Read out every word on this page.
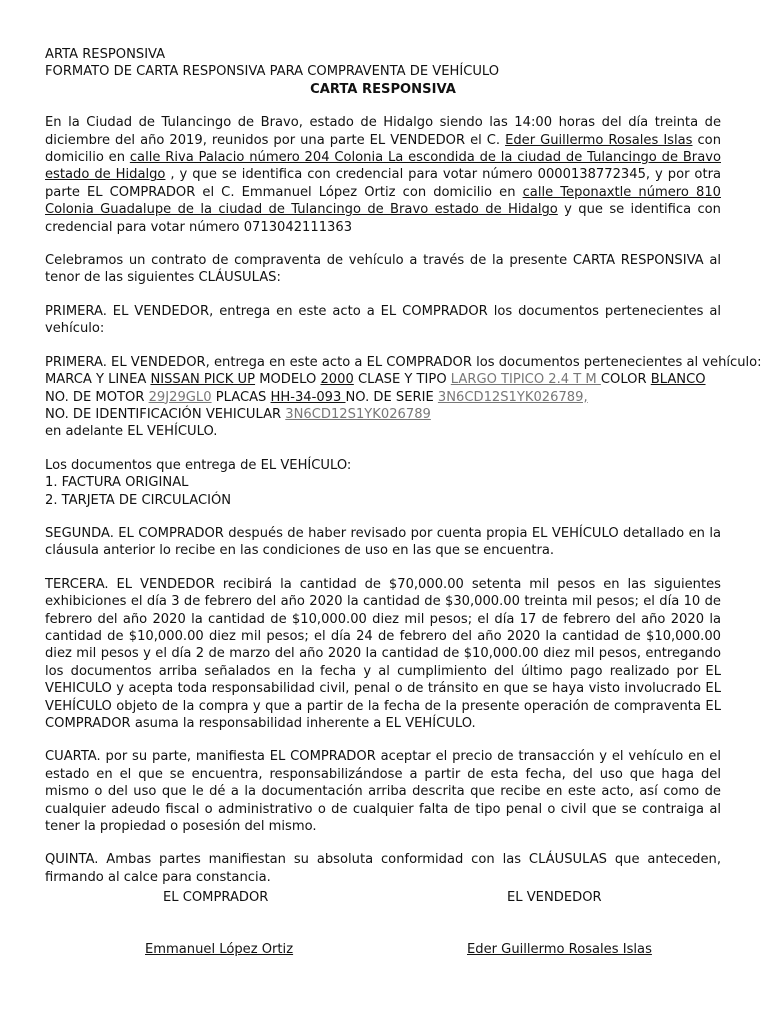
ARTA RESPONSIVA
FORMATO DE CARTA RESPONSIVA PARA COMPRAVENTA DE VEHÍCULO
CARTA RESPONSIVA

En la Ciudad de Tulancingo de Bravo, estado de Hidalgo siendo las 14:00 horas del día treinta de diciembre del año 2019, reunidos por una parte EL VENDEDOR el C. Eder Guillermo Rosales Islas con domicilio en calle Riva Palacio número 204 Colonia La escondida de la ciudad de Tulancingo de Bravo estado de Hidalgo , y que se identifica con credencial para votar número 0000138772345, y por otra parte EL COMPRADOR el C. Emmanuel López Ortiz con domicilio en calle Teponaxtle número 810 Colonia Guadalupe de la ciudad de Tulancingo de Bravo estado de Hidalgo y que se identifica con credencial para votar número 0713042111363

Celebramos un contrato de compraventa de vehículo a través de la presente CARTA RESPONSIVA al tenor de las siguientes CLÁUSULAS:

PRIMERA. EL VENDEDOR, entrega en este acto a EL COMPRADOR los documentos pertenecientes al vehículo:

PRIMERA. EL VENDEDOR, entrega en este acto a EL COMPRADOR los documentos pertenecientes al vehículo:
MARCA Y LINEA NISSAN PICK UP MODELO 2000 CLASE Y TIPO LARGO TIPICO 2.4 T M COLOR BLANCO
NO. DE MOTOR 29J29GL0 PLACAS HH-34-093 NO. DE SERIE 3N6CD12S1YK026789,
NO. DE IDENTIFICACIÓN VEHICULAR 3N6CD12S1YK026789
en adelante EL VEHÍCULO.
Los documentos que entrega de EL VEHÍCULO:
1. FACTURA ORIGINAL
2. TARJETA DE CIRCULACIÓN

SEGUNDA. EL COMPRADOR después de haber revisado por cuenta propia EL VEHÍCULO detallado en la cláusula anterior lo recibe en las condiciones de uso en las que se encuentra.

TERCERA. EL VENDEDOR recibirá la cantidad de $70,000.00 setenta mil pesos en las siguientes exhibiciones el día 3 de febrero del año 2020 la cantidad de $30,000.00 treinta mil pesos; el día 10 de febrero del año 2020 la cantidad de $10,000.00 diez mil pesos; el día 17 de febrero del año 2020 la cantidad de $10,000.00 diez mil pesos; el día 24 de febrero del año 2020 la cantidad de $10,000.00 diez mil pesos y el día 2 de marzo del año 2020 la cantidad de $10,000.00 diez mil pesos, entregando los documentos arriba señalados en la fecha y al cumplimiento del último pago realizado por EL VEHICULO y acepta toda responsabilidad civil, penal o de tránsito en que se haya visto involucrado EL VEHÍCULO objeto de la compra y que a partir de la fecha de la presente operación de compraventa EL COMPRADOR asuma la responsabilidad inherente a EL VEHÍCULO.

CUARTA. por su parte, manifiesta EL COMPRADOR aceptar el precio de transacción y el vehículo en el estado en el que se encuentra, responsabilizándose a partir de esta fecha, del uso que haga del mismo o del uso que le dé a la documentación arriba descrita que recibe en este acto, así como de cualquier adeudo fiscal o administrativo o de cualquier falta de tipo penal o civil que se contraiga al tener la propiedad o posesión del mismo.

QUINTA. Ambas partes manifiestan su absoluta conformidad con las CLÁUSULAS que anteceden, firmando al calce para constancia.

EL COMPRADOR	EL VENDEDOR
Emmanuel López Ortiz	Eder Guillermo Rosales Islas
